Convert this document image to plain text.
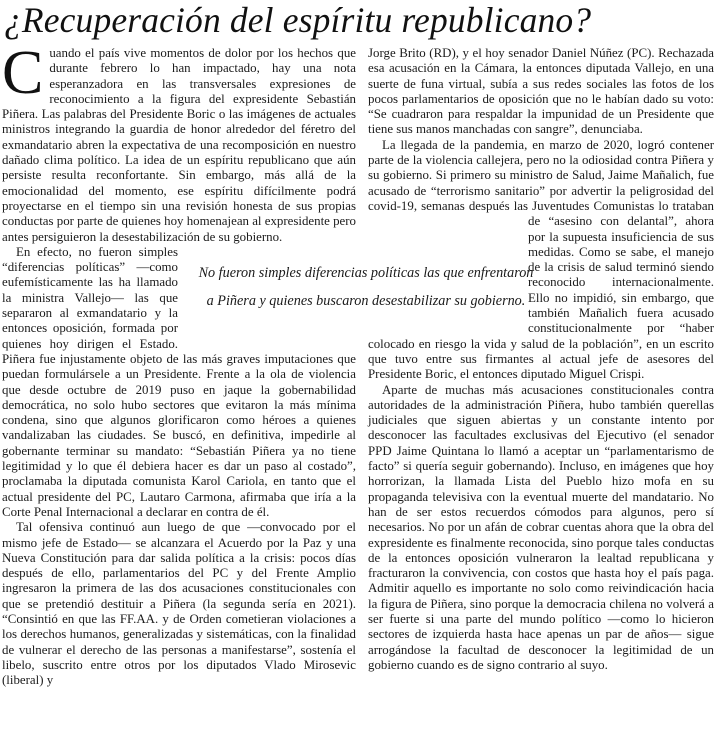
¿Recuperación del espíritu republicano?

Cuando el país vive momentos de dolor por los hechos que durante febrero lo han impactado, hay una nota esperanzadora en las transversales expresiones de reconocimiento a la figura del expresidente Sebastián Piñera. Las palabras del Presidente Boric o las imágenes de actuales ministros integrando la guardia de honor alrededor del féretro del exmandatario abren la expectativa de una recomposición en nuestro dañado clima político. La idea de un espíritu republicano que aún persiste resulta reconfortante. Sin embargo, más allá de la emocionalidad del momento, ese espíritu difícilmente podrá proyectarse en el tiempo sin una revisión honesta de sus propias conductas por parte de quienes hoy homenajean al expresidente pero antes persiguieron la desestabilización de su gobierno.

En efecto, no fueron simples “diferencias políticas” —como eufemísticamente las ha llamado la ministra Vallejo— las que separaron al exmandatario y la entonces oposición, formada por quienes hoy dirigen el Estado. Piñera fue injustamente objeto de las más graves imputaciones que puedan formulársele a un Presidente. Frente a la ola de violencia que desde octubre de 2019 puso en jaque la gobernabilidad democrática, no solo hubo sectores que evitaron la más mínima condena, sino que algunos glorificaron como héroes a quienes vandalizaban las ciudades. Se buscó, en definitiva, impedirle al gobernante terminar su mandato: “Sebastián Piñera ya no tiene legitimidad y lo que él debiera hacer es dar un paso al costado”, proclamaba la diputada comunista Karol Cariola, en tanto que el actual presidente del PC, Lautaro Carmona, afirmaba que iría a la Corte Penal Internacional a declarar en contra de él.

Tal ofensiva continuó aun luego de que —convocado por el mismo jefe de Estado— se alcanzara el Acuerdo por la Paz y una Nueva Constitución para dar salida política a la crisis: pocos días después de ello, parlamentarios del PC y del Frente Amplio ingresaron la primera de las dos acusaciones constitucionales con que se pretendió destituir a Piñera (la segunda sería en 2021). “Consintió en que las FF.AA. y de Orden cometieran violaciones a los derechos humanos, generalizadas y sistemáticas, con la finalidad de vulnerar el derecho de las personas a manifestarse”, sostenía el libelo, suscrito entre otros por los diputados Vlado Mirosevic (liberal) y

Jorge Brito (RD), y el hoy senador Daniel Núñez (PC). Rechazada esa acusación en la Cámara, la entonces diputada Vallejo, en una suerte de funa virtual, subía a sus redes sociales las fotos de los pocos parlamentarios de oposición que no le habían dado su voto: “Se cuadraron para respaldar la impunidad de un Presidente que tiene sus manos manchadas con sangre”, denunciaba.

La llegada de la pandemia, en marzo de 2020, logró contener parte de la violencia callejera, pero no la odiosidad contra Piñera y su gobierno. Si primero su ministro de Salud, Jaime Mañalich, fue acusado de “terrorismo sanitario” por advertir la peligrosidad del covid-19, semanas después las Juventudes Comunistas lo trataban de “asesino con delantal”,
ahora por la supuesta insuficiencia de sus medidas. Como se sabe, el manejo de la crisis de salud terminó siendo reconocido internacionalmente. Ello no impidió, sin embargo, que también Mañalich fuera acusado constitucionalmente por “haber colocado en riesgo la vida y salud de la población”, en un escrito que tuvo entre sus firmantes al actual jefe de asesores del Presidente Boric, el entonces diputado Miguel Crispi.

Aparte de muchas más acusaciones constitucionales contra autoridades de la administración Piñera, hubo también querellas judiciales que siguen abiertas y un constante intento por desconocer las facultades exclusivas del Ejecutivo (el senador PPD Jaime Quintana lo llamó a aceptar un “parlamentarismo de facto” si quería seguir gobernando). Incluso, en imágenes que hoy horrorizan, la llamada Lista del Pueblo hizo mofa en su propaganda televisiva con la eventual muerte del mandatario. No han de ser estos recuerdos cómodos para algunos, pero sí necesarios. No por un afán de cobrar cuentas ahora que la obra del expresidente es finalmente reconocida, sino porque tales conductas de la entonces oposición vulneraron la lealtad republicana y fracturaron la convivencia, con costos que hasta hoy el país paga. Admitir aquello es importante no solo como reivindicación hacia la figura de Piñera, sino porque la democracia chilena no volverá a ser fuerte si una parte del mundo político —como lo hicieron sectores de izquierda hasta hace apenas un par de años— sigue arrogándose la facultad de desconocer la legitimidad de un gobierno cuando es de signo contrario al suyo.

No fueron simples diferencias políticas las que enfrentaron a Piñera y quienes buscaron desestabilizar su gobierno.
